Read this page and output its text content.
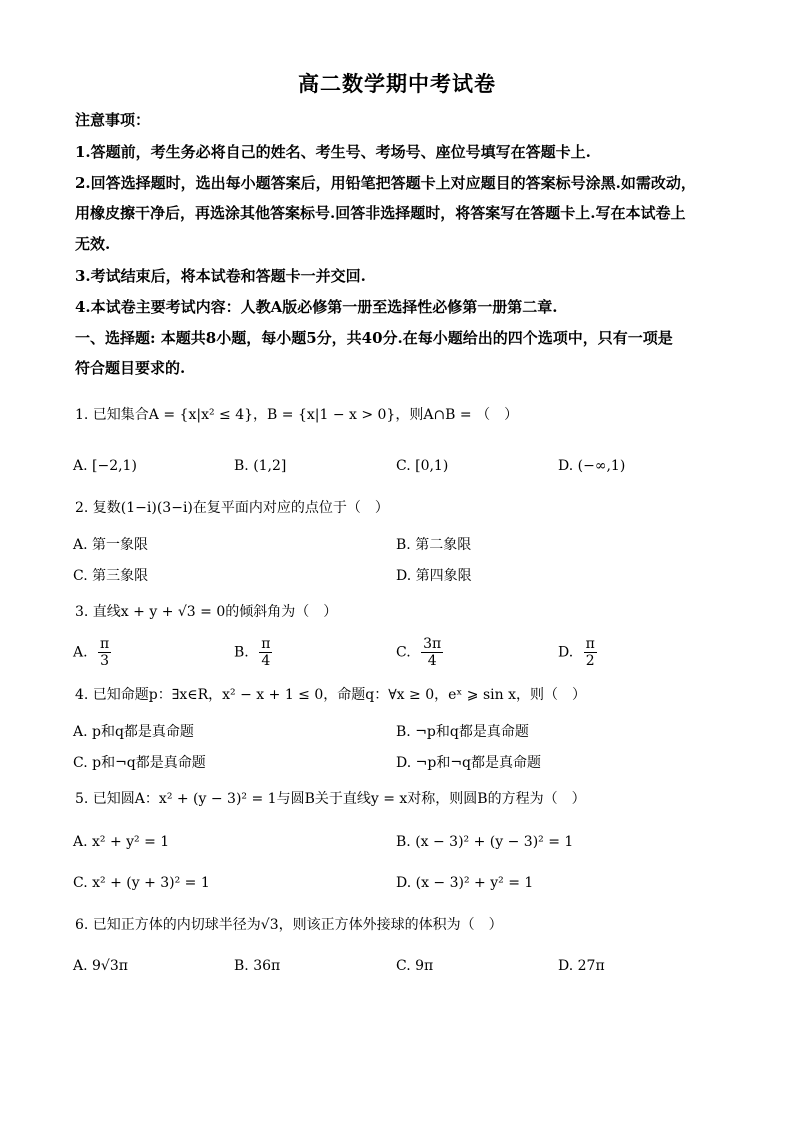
高二数学期中考试卷
注意事项：
1.答题前，考生务必将自己的姓名、考生号、考场号、座位号填写在答题卡上.
2.回答选择题时，选出每小题答案后，用铅笔把答题卡上对应题目的答案标号涂黑.如需改动，
用橡皮擦干净后，再选涂其他答案标号.回答非选择题时，将答案写在答题卡上.写在本试卷上
无效.
3.考试结束后，将本试卷和答题卡一并交回.
4.本试卷主要考试内容：人教A版必修第一册至选择性必修第一册第二章.
一、选择题: 本题共8小题，每小题5分，共40分.在每小题给出的四个选项中，只有一项是
符合题目要求的.
1. 已知集合A = {x|x² ≤ 4}，B = {x|1 − x > 0}，则A∩B = （　）
A. [−2,1)	B. (1,2]	C. [0,1)	D. (−∞,1)
2. 复数(1−i)(3−i)在复平面内对应的点位于（　）
A. 第一象限	B. 第二象限
C. 第三象限	D. 第四象限
3. 直线x + y + √3 = 0的倾斜角为（　）
A. $\frac{\pi}{3}$	B. $\frac{\pi}{4}$	C. $\frac{3\pi}{4}$	D. $\frac{\pi}{2}$
4. 已知命题p：∃x∈R，x² − x + 1 ≤ 0，命题q：∀x ≥ 0，eˣ ⩾ sin x，则（　）
A. p和q都是真命题	B. ¬p和q都是真命题
C. p和¬q都是真命题	D. ¬p和¬q都是真命题
5. 已知圆A：x² + (y − 3)² = 1与圆B关于直线y = x对称，则圆B的方程为（　）
A. x² + y² = 1	B. (x − 3)² + (y − 3)² = 1
C. x² + (y + 3)² = 1	D. (x − 3)² + y² = 1
6. 已知正方体的内切球半径为√3，则该正方体外接球的体积为（　）
A. 9√3π	B. 36π	C. 9π	D. 27π
